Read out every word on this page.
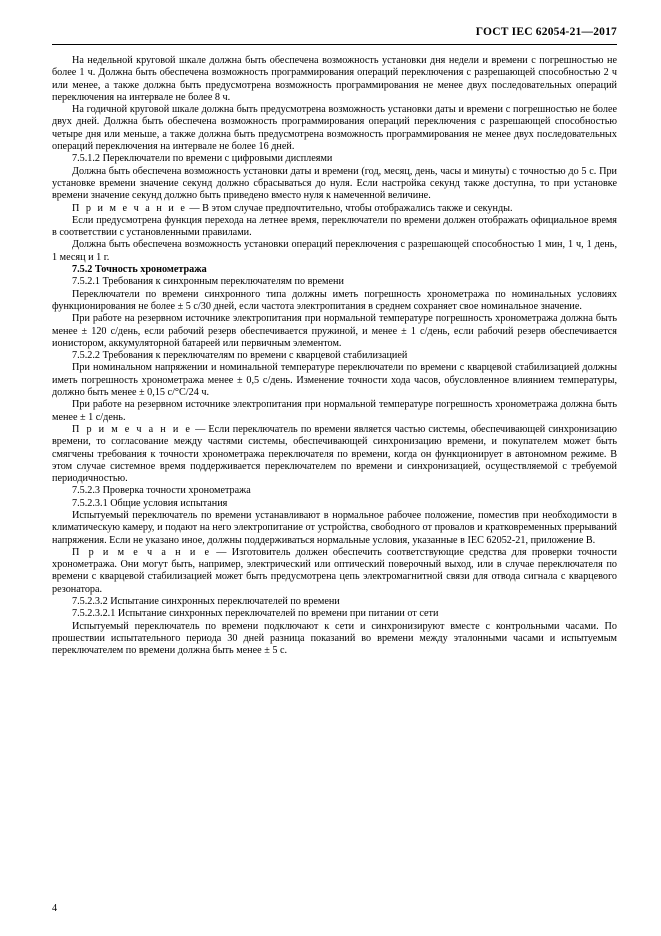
ГОСТ IEC 62054-21—2017

На недельной круговой шкале должна быть обеспечена возможность установки дня недели и времени с погрешностью не более 1 ч. Должна быть обеспечена возможность программирования операций переключения с разрешающей способностью 2 ч или менее, а также должна быть предусмотрена возможность программирования не менее двух последовательных операций переключения на интервале не более 8 ч.

На годичной круговой шкале должна быть предусмотрена возможность установки даты и времени с погрешностью не более двух дней. Должна быть обеспечена возможность программирования операций переключения с разрешающей способностью четыре дня или меньше, а также должна быть предусмотрена возможность программирования не менее двух последовательных операций переключения на интервале не более 16 дней.

7.5.1.2 Переключатели по времени с цифровыми дисплеями

Должна быть обеспечена возможность установки даты и времени (год, месяц, день, часы и минуты) с точностью до 5 с. При установке времени значение секунд должно сбрасываться до нуля. Если настройка секунд также доступна, то при установке времени значение секунд должно быть приведено вместо нуля к намеченной величине.

П р и м е ч а н и е — В этом случае предпочтительно, чтобы отображались также и секунды.

Если предусмотрена функция перехода на летнее время, переключатели по времени должен отображать официальное время в соответствии с установленными правилами.

Должна быть обеспечена возможность установки операций переключения с разрешающей способностью 1 мин, 1 ч, 1 день, 1 месяц и 1 г.

7.5.2 Точность хронометража

7.5.2.1 Требования к синхронным переключателям по времени

Переключатели по времени синхронного типа должны иметь погрешность хронометража по номинальных условиях функционирования не более ± 5 с/30 дней, если частота электропитания в среднем сохраняет свое номинальное значение.

При работе на резервном источнике электропитания при нормальной температуре погрешность хронометража должна быть менее ± 120 с/день, если рабочий резерв обеспечивается пружиной, и менее ± 1 с/день, если рабочий резерв обеспечивается ионистором, аккумуляторной батареей или первичным элементом.

7.5.2.2 Требования к переключателям по времени с кварцевой стабилизацией

При номинальном напряжении и номинальной температуре переключатели по времени с кварцевой стабилизацией должны иметь погрешность хронометража менее ± 0,5 с/день. Изменение точности хода часов, обусловленное влиянием температуры, должно быть менее ± 0,15 с/°С/24 ч.

При работе на резервном источнике электропитания при нормальной температуре погрешность хронометража должна быть менее ± 1 с/день.

П р и м е ч а н и е — Если переключатель по времени является частью системы, обеспечивающей синхронизацию времени, то согласование между частями системы, обеспечивающей синхронизацию времени, и покупателем может быть смягчены требования к точности хронометража переключателя по времени, когда он функционирует в автономном режиме. В этом случае системное время поддерживается переключателем по времени и синхронизацией, осуществляемой с требуемой периодичностью.

7.5.2.3 Проверка точности хронометража

7.5.2.3.1 Общие условия испытания

Испытуемый переключатель по времени устанавливают в нормальное рабочее положение, поместив при необходимости в климатическую камеру, и подают на него электропитание от устройства, свободного от провалов и кратковременных прерываний напряжения. Если не указано иное, должны поддерживаться нормальные условия, указанные в IEC 62052-21, приложение В.

П р и м е ч а н и е — Изготовитель должен обеспечить соответствующие средства для проверки точности хронометража. Они могут быть, например, электрический или оптический поверочный выход, или в случае переключателя по времени с кварцевой стабилизацией может быть предусмотрена цепь электромагнитной связи для отвода сигнала с кварцевого резонатора.

7.5.2.3.2 Испытание синхронных переключателей по времени

7.5.2.3.2.1 Испытание синхронных переключателей по времени при питании от сети

Испытуемый переключатель по времени подключают к сети и синхронизируют вместе с контрольными часами. По прошествии испытательного периода 30 дней разница показаний во времени между эталонными часами и испытуемым переключателем по времени должна быть менее ± 5 с.

4
